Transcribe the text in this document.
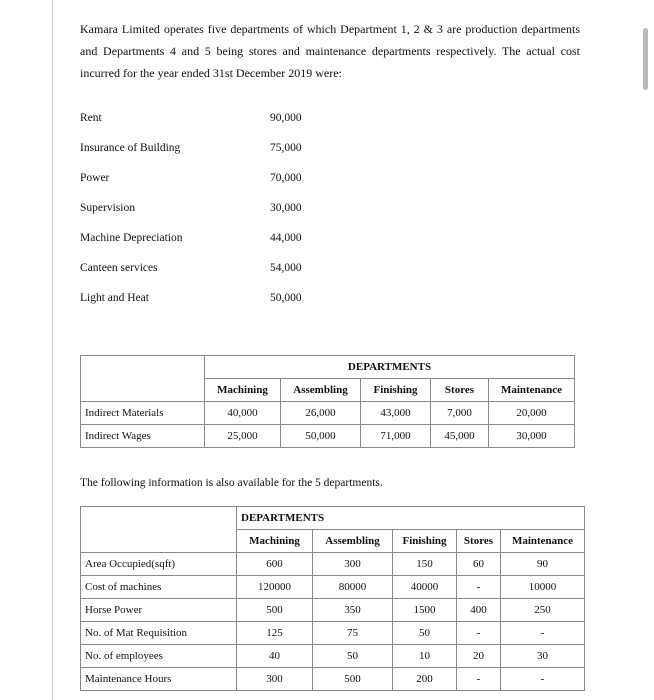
Kamara Limited operates five departments of which Department 1, 2 & 3 are production departments and Departments 4 and 5 being stores and maintenance departments respectively. The actual cost incurred for the year ended 31st December 2019 were:
Rent	90,000
Insurance of Building	75,000
Power	70,000
Supervision	30,000
Machine Depreciation	44,000
Canteen services	54,000
Light and Heat	50,000
	DEPARTMENTS				
	Machining	Assembling	Finishing	Stores	Maintenance
Indirect Materials	40,000	26,000	43,000	7,000	20,000
Indirect Wages	25,000	50,000	71,000	45,000	30,000
The following information is also available for the 5 departments.
	DEPARTMENTS				
	Machining	Assembling	Finishing	Stores	Maintenance
Area Occupied(sqft)	600	300	150	60	90
Cost of machines	120000	80000	40000	-	10000
Horse Power	500	350	1500	400	250
No. of Mat Requisition	125	75	50	-	-
No. of employees	40	50	10	20	30
Maintenance Hours	300	500	200	-	-
